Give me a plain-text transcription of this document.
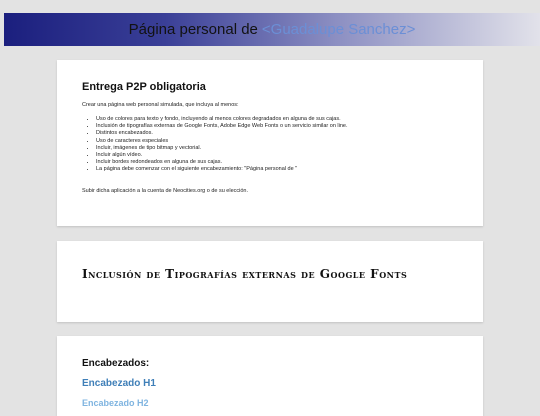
Página personal de <Guadalupe Sanchez>
Entrega P2P obligatoria
Crear una página web personal simulada, que incluya al menos:
• Uso de colores para texto y fondo, incluyendo al menos colores degradados en alguna de sus cajas.
• Inclusión de tipografías externas de Google Fonts, Adobe Edge Web Fonts o un servicio similar on line.
• Distintos encabezados.
• Uso de caracteres especiales
• Incluir, imágenes de tipo bitmap y vectorial.
• Incluir algún vídeo.
• Incluir bordes redondeados en alguna de sus cajas.
• La página debe comenzar con el siguiente encabezamiento: "Página personal de "
Subir dicha aplicación a la cuenta de Neocities.org o de su elección.
Inclusión de Tipografías externas de Google Fonts
Encabezados:
Encabezado H1
Encabezado H2
